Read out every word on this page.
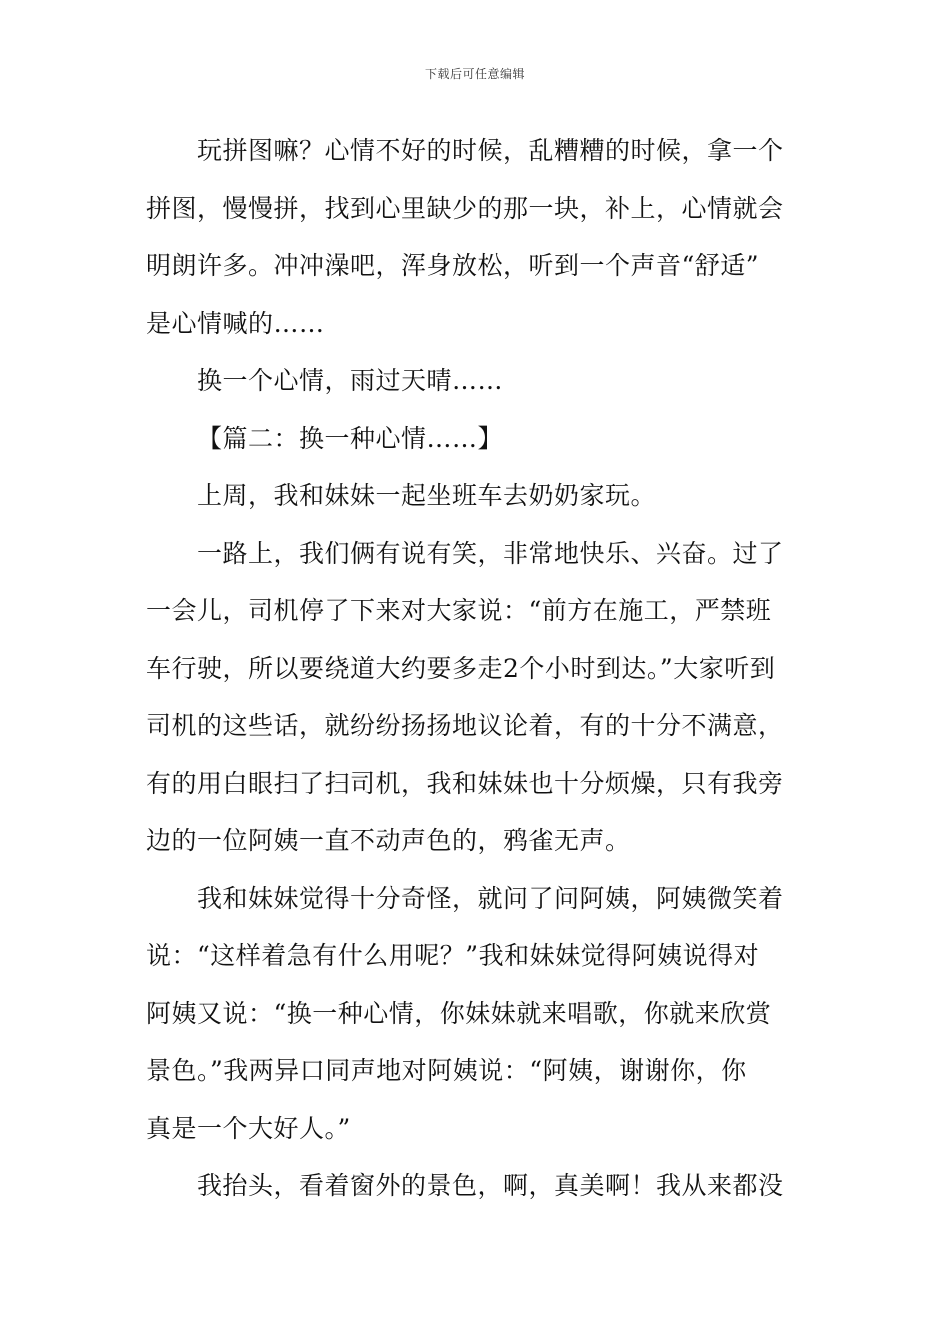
下载后可任意编辑
玩拼图嘛？心情不好的时候，乱糟糟的时候，拿一个
拼图，慢慢拼，找到心里缺少的那一块，补上，心情就会
明朗许多。冲冲澡吧，浑身放松，听到一个声音“舒适”
是心情喊的……
换一个心情，雨过天晴……
【篇二：换一种心情……】
上周，我和妹妹一起坐班车去奶奶家玩。
一路上，我们俩有说有笑，非常地快乐、兴奋。过了
一会儿，司机停了下来对大家说：“前方在施工，严禁班
车行驶，所以要绕道大约要多走2个小时到达。”大家听到
司机的这些话，就纷纷扬扬地议论着，有的十分不满意，
有的用白眼扫了扫司机，我和妹妹也十分烦燥，只有我旁
边的一位阿姨一直不动声色的，鸦雀无声。
我和妹妹觉得十分奇怪，就问了问阿姨，阿姨微笑着
说：“这样着急有什么用呢？”我和妹妹觉得阿姨说得对
阿姨又说：“换一种心情，你妹妹就来唱歌，你就来欣赏
景色。”我两异口同声地对阿姨说：“阿姨，谢谢你，你
真是一个大好人。”
我抬头，看着窗外的景色，啊，真美啊！我从来都没
